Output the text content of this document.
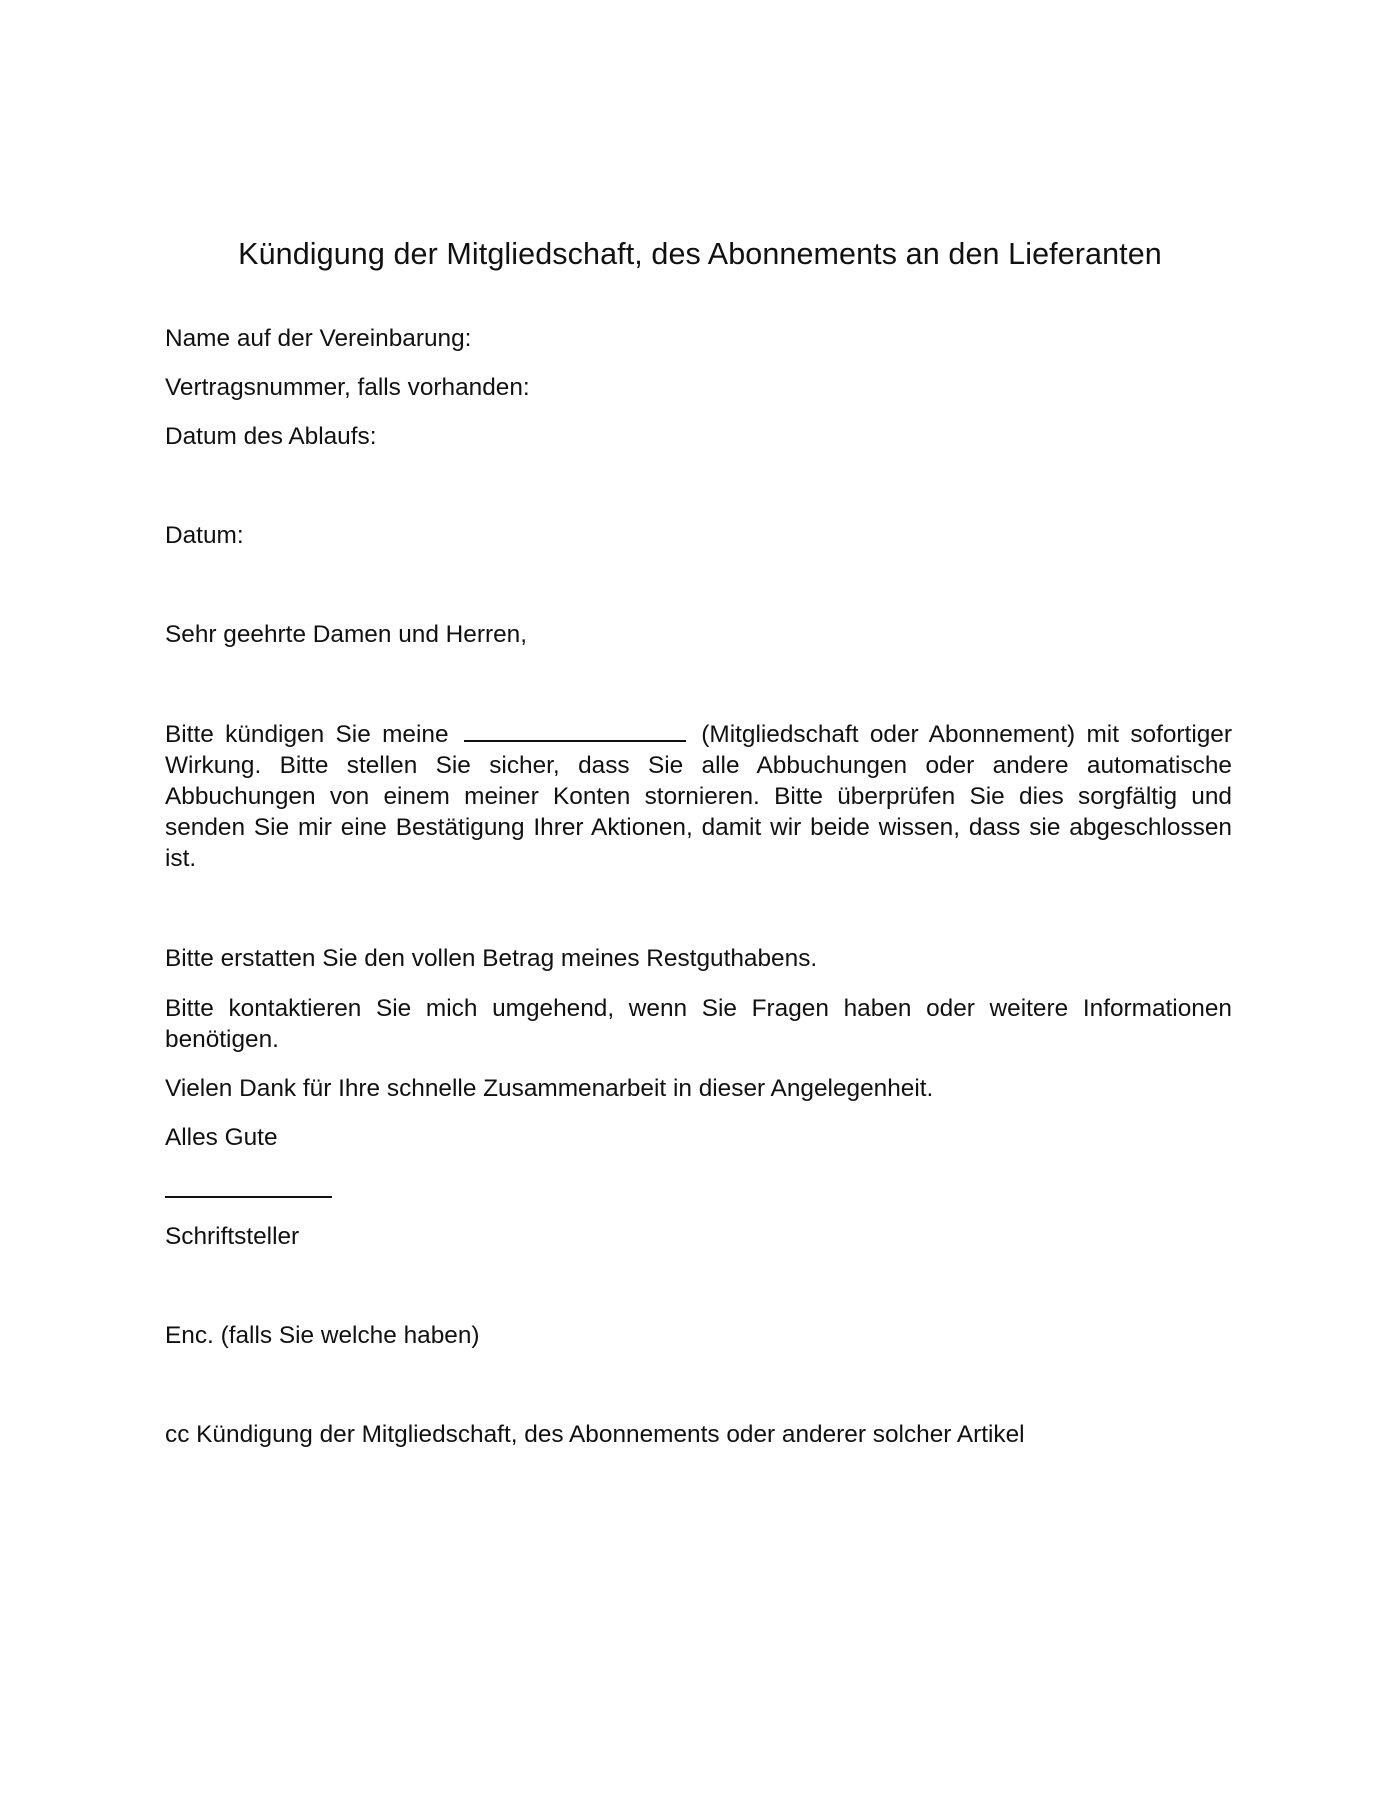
Kündigung der Mitgliedschaft, des Abonnements an den Lieferanten
Name auf der Vereinbarung:
Vertragsnummer, falls vorhanden:
Datum des Ablaufs:
Datum:
Sehr geehrte Damen und Herren,
Bitte kündigen Sie meine	(Mitgliedschaft oder Abonnement) mit sofortiger Wirkung. Bitte stellen Sie sicher, dass Sie alle Abbuchungen oder andere automatische Abbuchungen von einem meiner Konten stornieren. Bitte überprüfen Sie dies sorgfältig und senden Sie mir eine Bestätigung Ihrer Aktionen, damit wir beide wissen, dass sie abgeschlossen ist.
Bitte erstatten Sie den vollen Betrag meines Restguthabens.
Bitte kontaktieren Sie mich umgehend, wenn Sie Fragen haben oder weitere Informationen benötigen.
Vielen Dank für Ihre schnelle Zusammenarbeit in dieser Angelegenheit.
Alles Gute
Schriftsteller
Enc. (falls Sie welche haben)
cc Kündigung der Mitgliedschaft, des Abonnements oder anderer solcher Artikel
